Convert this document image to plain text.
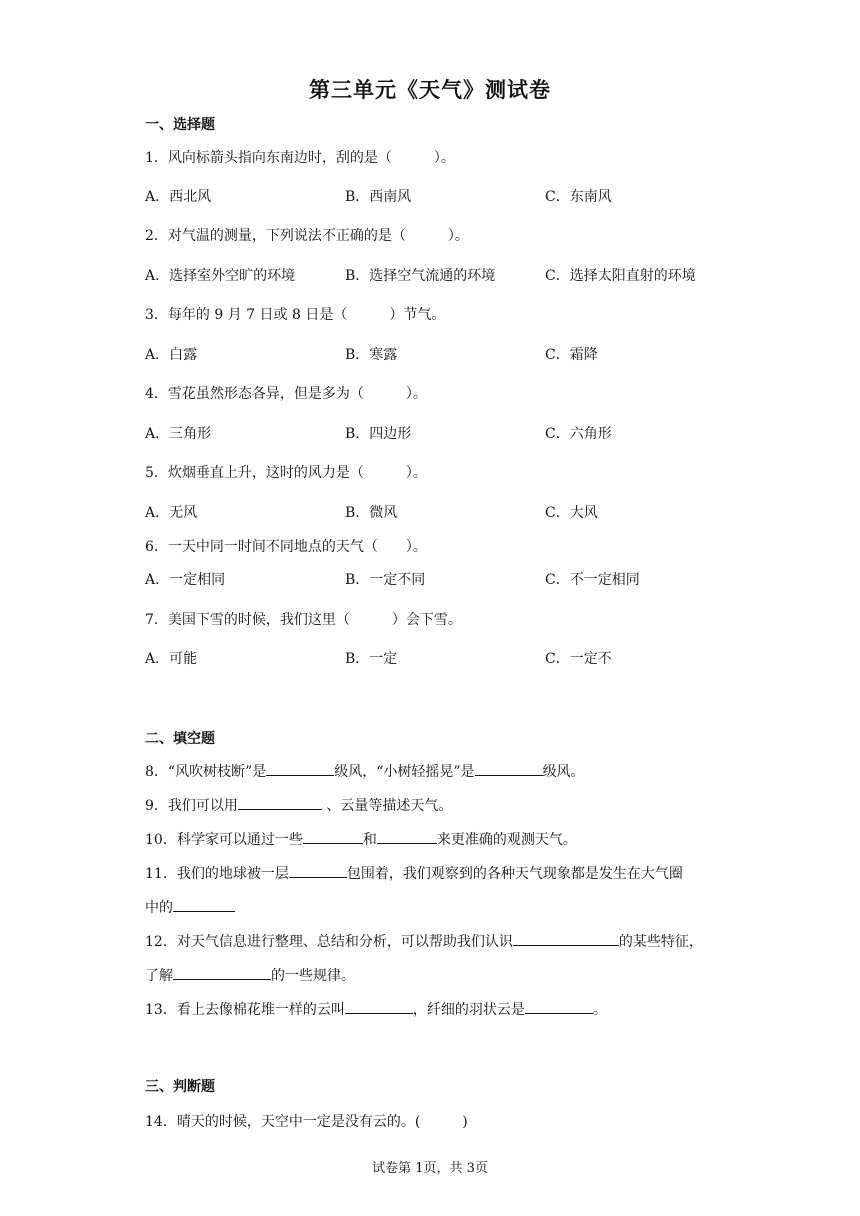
第三单元《天气》测试卷
一、选择题
1．风向标箭头指向东南边时，刮的是（　　　）。
A．西北风	B．西南风	C．东南风
2．对气温的测量，下列说法不正确的是（　　　）。
A．选择室外空旷的环境	B．选择空气流通的环境	C．选择太阳直射的环境
3．每年的 9 月 7 日或 8 日是（　　　）节气。
A．白露	B．寒露	C．霜降
4．雪花虽然形态各异，但是多为（　　　）。
A．三角形	B．四边形	C．六角形
5．炊烟垂直上升，这时的风力是（　　　）。
A．无风	B．微风	C．大风
6．一天中同一时间不同地点的天气（　　）。
A．一定相同	B．一定不同	C．不一定相同
7．美国下雪的时候，我们这里（　　　）会下雪。
A．可能	B．一定	C．一定不
二、填空题
8．“风吹树枝断”是	级风，“小树轻摇晃”是	级风。
9．我们可以用	、云量等描述天气。
10．科学家可以通过一些	和	来更准确的观测天气。
11．我们的地球被一层	包围着，我们观察到的各种天气现象都是发生在大气圈
中的
12．对天气信息进行整理、总结和分析，可以帮助我们认识	的某些特征，
了解	的一些规律。
13．看上去像棉花堆一样的云叫	，纤细的羽状云是	。
三、判断题
14．晴天的时候，天空中一定是没有云的。(　　　)
试卷第 1页，共 3页
